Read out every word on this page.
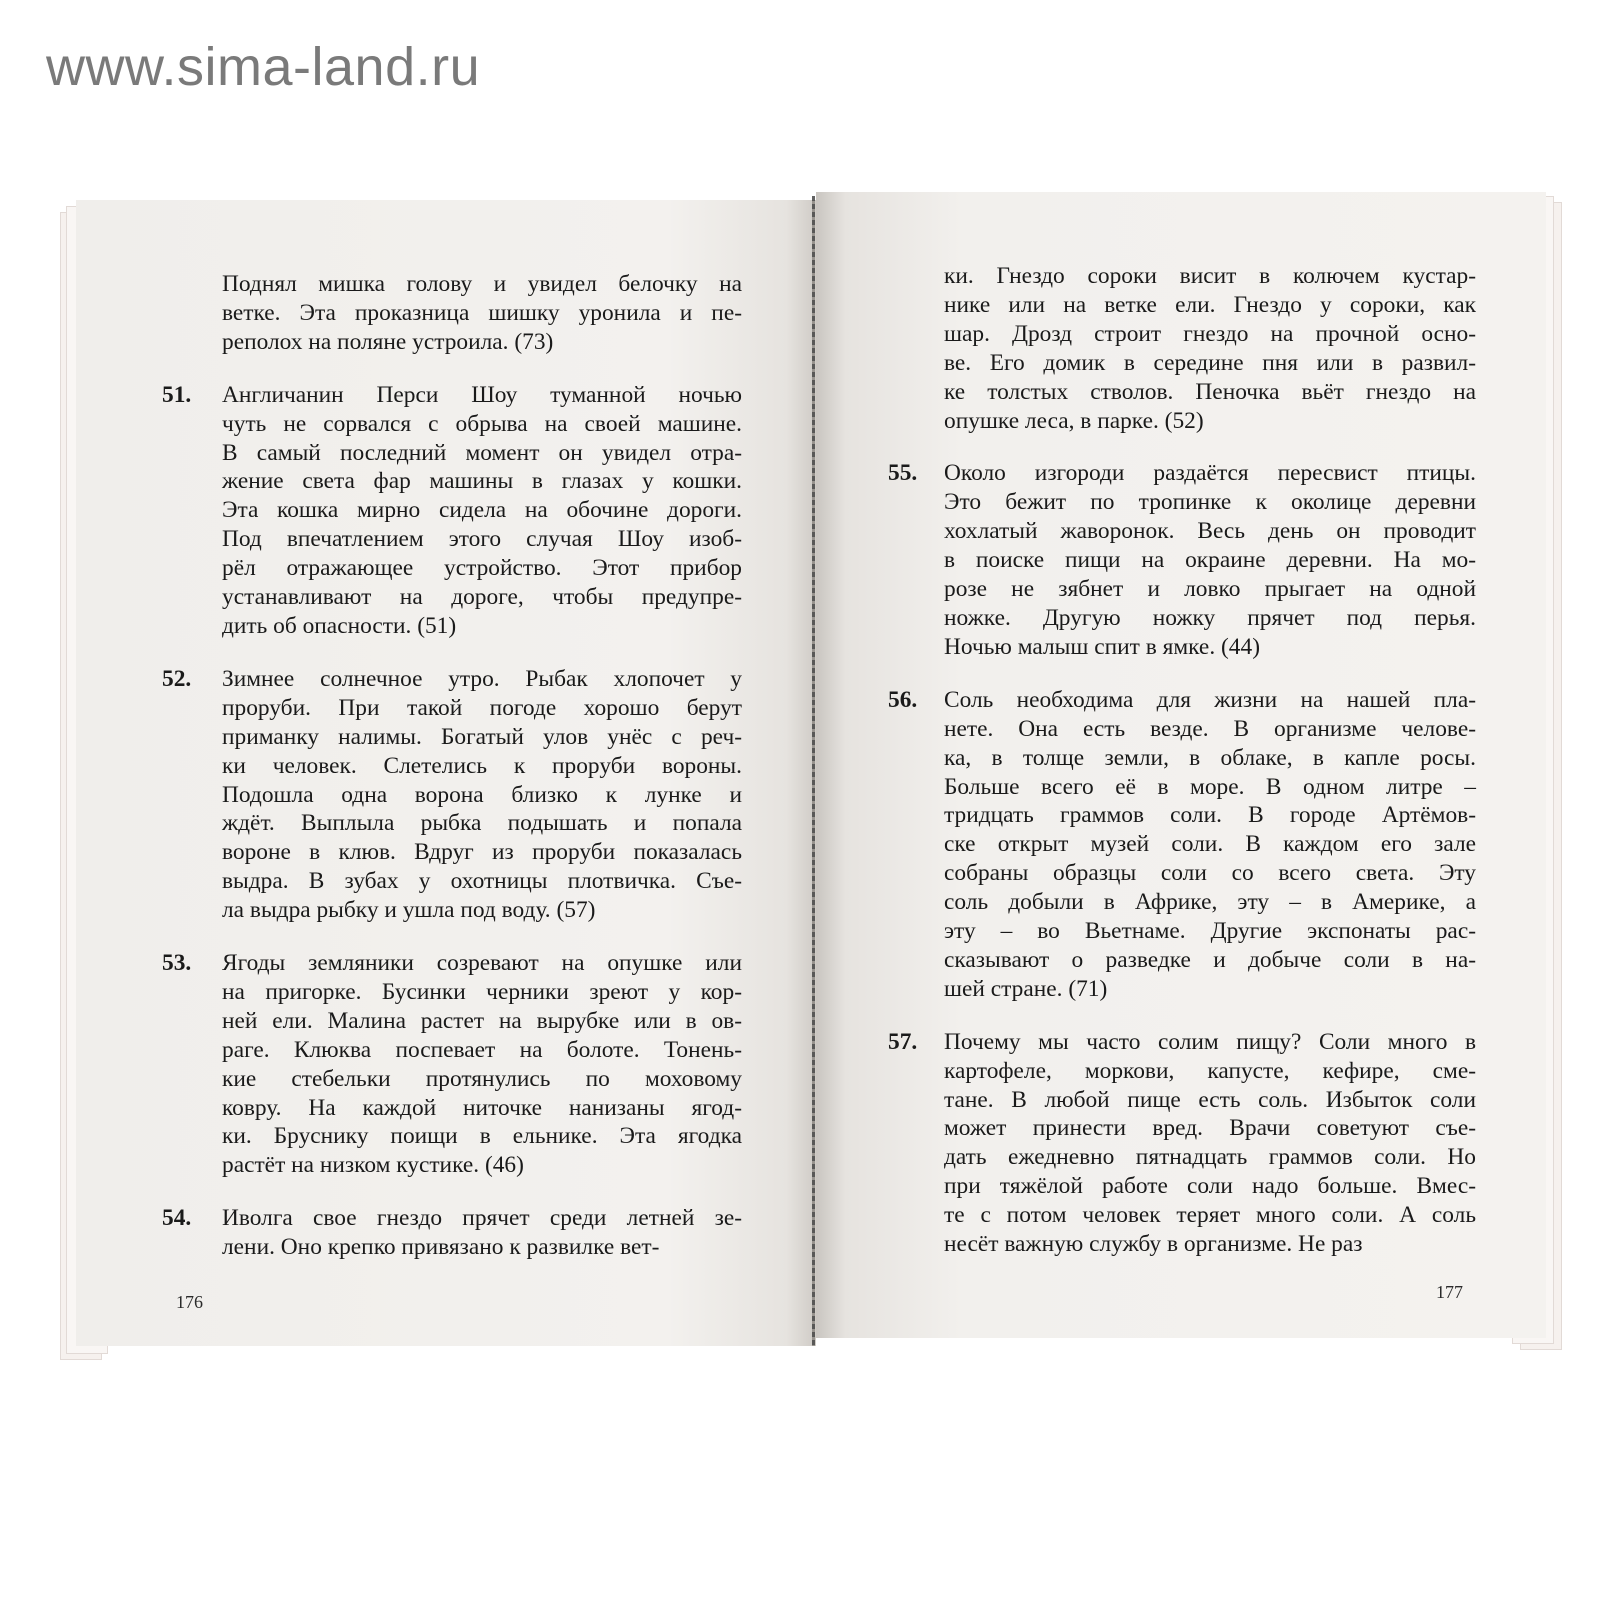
www.sima-land.ru
Поднял мишка голову и увидел белочку на
ветке. Эта проказница шишку уронила и пе-
реполох на поляне устроила. (73)
51. Англичанин Перси Шоу туманной ночью
чуть не сорвался с обрыва на своей машине.
В самый последний момент он увидел отра-
жение света фар машины в глазах у кошки.
Эта кошка мирно сидела на обочине дороги.
Под впечатлением этого случая Шоу изоб-
рёл отражающее устройство. Этот прибор
устанавливают на дороге, чтобы предупре-
дить об опасности. (51)
52. Зимнее солнечное утро. Рыбак хлопочет у
проруби. При такой погоде хорошо берут
приманку налимы. Богатый улов унёс с реч-
ки человек. Слетелись к проруби вороны.
Подошла одна ворона близко к лунке и
ждёт. Выплыла рыбка подышать и попала
вороне в клюв. Вдруг из проруби показалась
выдра. В зубах у охотницы плотвичка. Съе-
ла выдра рыбку и ушла под воду. (57)
53. Ягоды земляники созревают на опушке или
на пригорке. Бусинки черники зреют у кор-
ней ели. Малина растет на вырубке или в ов-
раге. Клюква поспевает на болоте. Тонень-
кие стебельки протянулись по моховому
ковру. На каждой ниточке нанизаны ягод-
ки. Бруснику поищи в ельнике. Эта ягодка
растёт на низком кустике. (46)
54. Иволга свое гнездо прячет среди летней зе-
лени. Оно крепко привязано к развилке вет-
ки. Гнездо сороки висит в колючем кустар-
нике или на ветке ели. Гнездо у сороки, как
шар. Дрозд строит гнездо на прочной осно-
ве. Его домик в середине пня или в развил-
ке толстых стволов. Пеночка вьёт гнездо на
опушке леса, в парке. (52)
55. Около изгороди раздаётся пересвист птицы.
Это бежит по тропинке к околице деревни
хохлатый жаворонок. Весь день он проводит
в поиске пищи на окраине деревни. На мо-
розе не зябнет и ловко прыгает на одной
ножке. Другую ножку прячет под перья.
Ночью малыш спит в ямке. (44)
56. Соль необходима для жизни на нашей пла-
нете. Она есть везде. В организме челове-
ка, в толще земли, в облаке, в капле росы.
Больше всего её в море. В одном литре –
тридцать граммов соли. В городе Артёмов-
ске открыт музей соли. В каждом его зале
собраны образцы соли со всего света. Эту
соль добыли в Африке, эту – в Америке, а
эту – во Вьетнаме. Другие экспонаты рас-
сказывают о разведке и добыче соли в на-
шей стране. (71)
57. Почему мы часто солим пищу? Соли много в
картофеле, моркови, капусте, кефире, сме-
тане. В любой пище есть соль. Избыток соли
может принести вред. Врачи советуют съе-
дать ежедневно пятнадцать граммов соли. Но
при тяжёлой работе соли надо больше. Вмес-
те с потом человек теряет много соли. А соль
несёт важную службу в организме. Не раз
176	177
